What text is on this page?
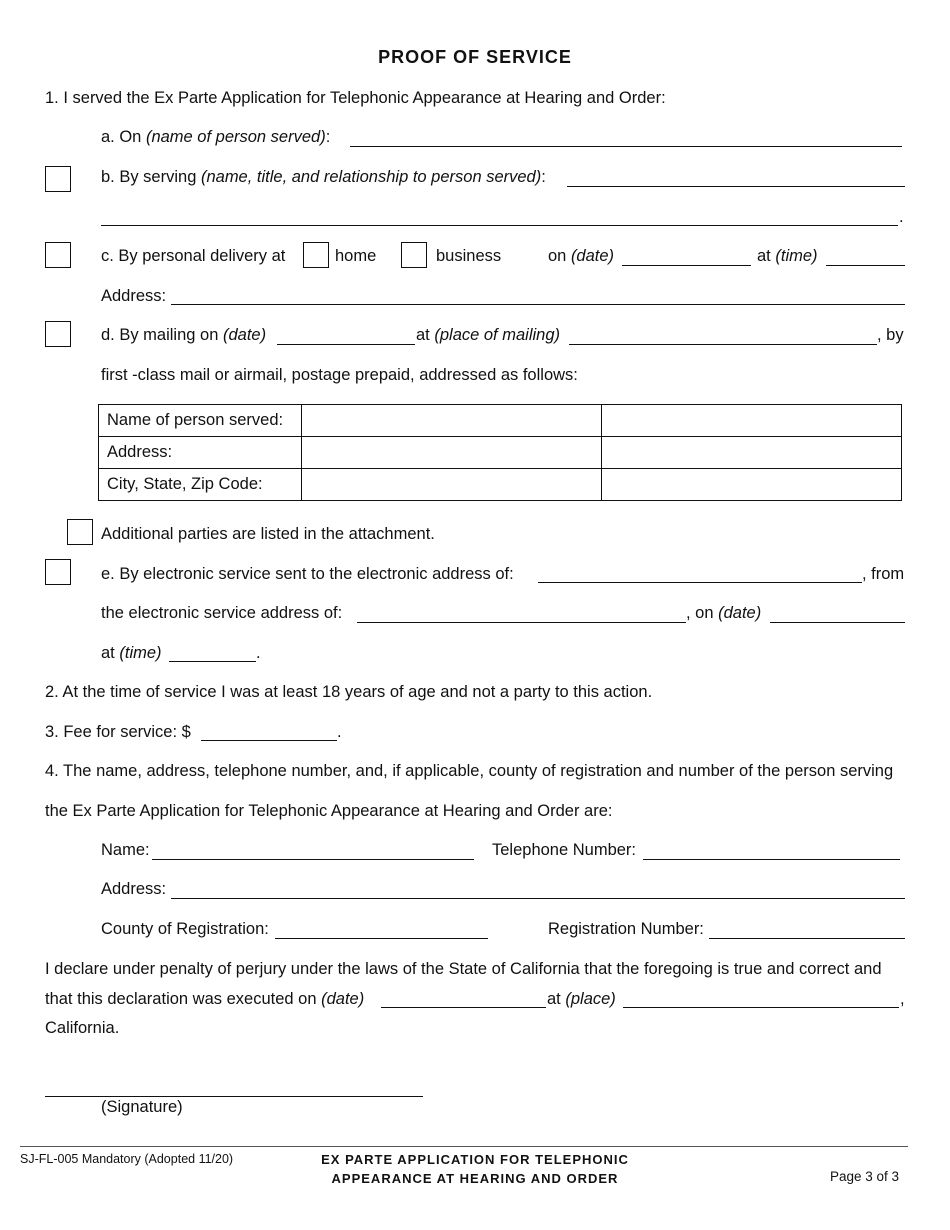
PROOF OF SERVICE
1. I served the Ex Parte Application for Telephonic Appearance at Hearing and Order:
a. On (name of person served):
b. By serving (name, title, and relationship to person served):
.
c. By personal delivery at	home	business	on (date)	at (time)
Address:
d. By mailing on (date)	at (place of mailing)	, by
first -class mail or airmail, postage prepaid, addressed as follows:
Name of person served:		
Address:		
City, State, Zip Code:		
Additional parties are listed in the attachment.
e. By electronic service sent to the electronic address of:	, from
the electronic service address of:	, on (date)
at (time)	.
2. At the time of service I was at least 18 years of age and not a party to this action.
3. Fee for service: $	.
4. The name, address, telephone number, and, if applicable, county of registration and number of the person serving
the Ex Parte Application for Telephonic Appearance at Hearing and Order are:
Name:	Telephone Number:
Address:
County of Registration:	Registration Number:
I declare under penalty of perjury under the laws of the State of California that the foregoing is true and correct and
that this declaration was executed on (date)	at (place)	,
California.
(Signature)
SJ-FL-005 Mandatory (Adopted 11/20)	EX PARTE APPLICATION FOR TELEPHONIC
APPEARANCE AT HEARING AND ORDER	Page 3 of 3
